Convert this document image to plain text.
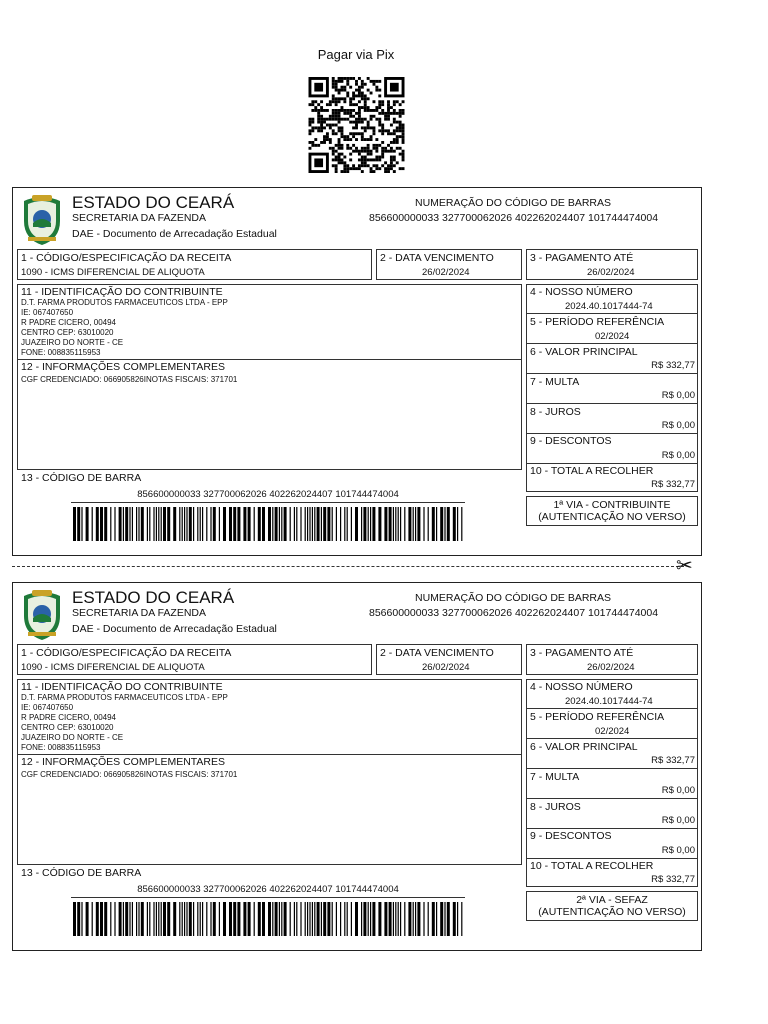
Pagar via Pix
ESTADO DO CEARÁ
SECRETARIA DA FAZENDA
DAE - Documento de Arrecadação Estadual
NUMERAÇÃO DO CÓDIGO DE BARRAS
856600000033 327700062026 402262024407 101744474004
1 - CÓDIGO/ESPECIFICAÇÃO DA RECEITA
1090 - ICMS DIFERENCIAL DE ALIQUOTA
2 - DATA VENCIMENTO
26/02/2024
3 - PAGAMENTO ATÉ
26/02/2024
11 - IDENTIFICAÇÃO DO CONTRIBUINTE
D.T. FARMA PRODUTOS FARMACEUTICOS LTDA - EPP
IE: 067407650
R PADRE CICERO, 00494
CENTRO CEP: 63010020
JUAZEIRO DO NORTE - CE
FONE: 008835115953
12 - INFORMAÇÕES COMPLEMENTARES
CGF CREDENCIADO: 066905826INOTAS FISCAIS: 371701
13 - CÓDIGO DE BARRA
856600000033 327700062026 402262024407 101744474004
4 - NOSSO NÚMERO
2024.40.1017444-74
5 - PERÍODO REFERÊNCIA
02/2024
6 - VALOR PRINCIPAL
R$ 332,77
7 - MULTA
R$ 0,00
8 - JUROS
R$ 0,00
9 - DESCONTOS
R$ 0,00
10 - TOTAL A RECOLHER
R$ 332,77
1ª VIA - CONTRIBUINTE
(AUTENTICAÇÃO NO VERSO)
✂
ESTADO DO CEARÁ
SECRETARIA DA FAZENDA
DAE - Documento de Arrecadação Estadual
NUMERAÇÃO DO CÓDIGO DE BARRAS
856600000033 327700062026 402262024407 101744474004
1 - CÓDIGO/ESPECIFICAÇÃO DA RECEITA
1090 - ICMS DIFERENCIAL DE ALIQUOTA
2 - DATA VENCIMENTO
26/02/2024
3 - PAGAMENTO ATÉ
26/02/2024
11 - IDENTIFICAÇÃO DO CONTRIBUINTE
D.T. FARMA PRODUTOS FARMACEUTICOS LTDA - EPP
IE: 067407650
R PADRE CICERO, 00494
CENTRO CEP: 63010020
JUAZEIRO DO NORTE - CE
FONE: 008835115953
12 - INFORMAÇÕES COMPLEMENTARES
CGF CREDENCIADO: 066905826INOTAS FISCAIS: 371701
13 - CÓDIGO DE BARRA
856600000033 327700062026 402262024407 101744474004
4 - NOSSO NÚMERO
2024.40.1017444-74
5 - PERÍODO REFERÊNCIA
02/2024
6 - VALOR PRINCIPAL
R$ 332,77
7 - MULTA
R$ 0,00
8 - JUROS
R$ 0,00
9 - DESCONTOS
R$ 0,00
10 - TOTAL A RECOLHER
R$ 332,77
2ª VIA - SEFAZ
(AUTENTICAÇÃO NO VERSO)
